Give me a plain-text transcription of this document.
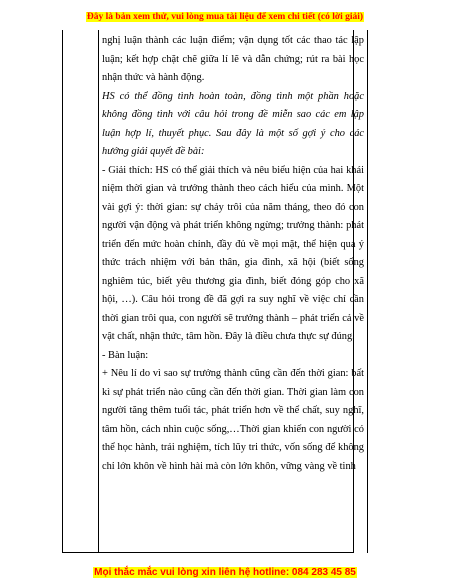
Đây là bản xem thử, vui lòng mua tài liệu để xem chi tiết (có lời giải)

nghị luận thành các luận điểm; vận dụng tốt các thao tác lập luận; kết hợp chặt chẽ giữa lí lẽ và dẫn chứng; rút ra bài học nhận thức và hành động.

HS có thể đồng tình hoàn toàn, đồng tình một phần hoặc không đồng tình với câu hỏi trong đề miễn sao các em lập luận hợp lí, thuyết phục. Sau đây là một số gợi ý cho các hướng giải quyết đề bài:

- Giải thích: HS có thể giải thích và nêu biểu hiện của hai khái niệm thời gian và trưởng thành theo cách hiểu của mình. Một vài gợi ý: thời gian: sự chảy trôi của năm tháng, theo đó con người vận động và phát triển không ngừng; trưởng thành: phát triển đến mức hoàn chỉnh, đầy đủ về mọi mặt, thể hiện qua ý thức trách nhiệm với bản thân, gia đình, xã hội (biết sống nghiêm túc, biết yêu thương gia đình, biết đóng góp cho xã hội, …). Câu hỏi trong đề đã gợi ra suy nghĩ về việc chỉ cần thời gian trôi qua, con người sẽ trưởng thành – phát triển cả về vật chất, nhận thức, tâm hồn. Đây là điều chưa thực sự đúng.

- Bàn luận:

+ Nêu lí do vì sao sự trưởng thành cũng cần đến thời gian: bất kì sự phát triển nào cũng cần đến thời gian. Thời gian làm con người tăng thêm tuổi tác, phát triển hơn về thể chất, suy nghĩ, tâm hồn, cách nhìn cuộc sống,…Thời gian khiến con người có thể học hành, trải nghiệm, tích lũy tri thức, vốn sống để không chỉ lớn khôn về hình hài mà còn lớn khôn, vững vàng về tinh

Mọi thắc mắc vui lòng xin liên hệ hotline: 084 283 45 85
